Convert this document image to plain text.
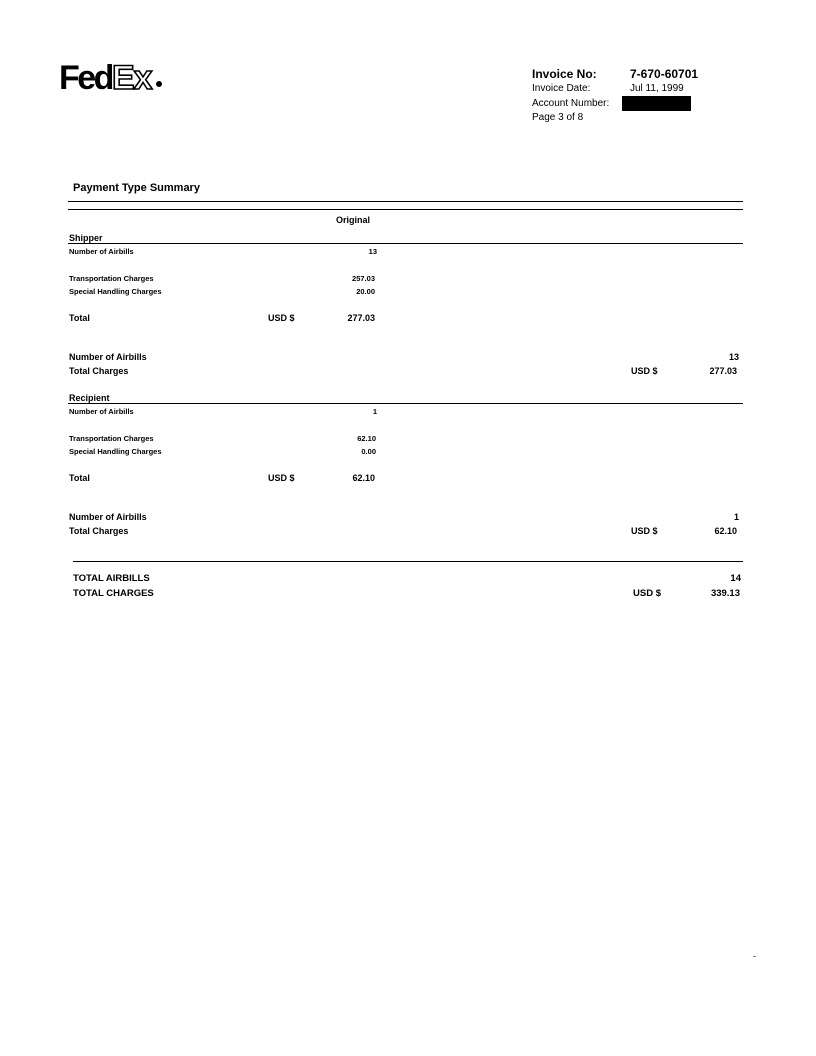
Fed Ex	Invoice No:	7-670-60701
Invoice Date:	Jul 11, 1999
Account Number:
Page 3 of 8
Payment Type Summary
Original
Shipper
Number of Airbills	13
Transportation Charges	257.03
Special Handling Charges	20.00
Total	USD $	277.03
Number of Airbills	13
Total Charges	USD $	277.03
Recipient
Number of Airbills	1
Transportation Charges	62.10
Special Handling Charges	0.00
Total	USD $	62.10
Number of Airbills	1
Total Charges	USD $	62.10
TOTAL AIRBILLS	14
TOTAL CHARGES	USD $	339.13
-
